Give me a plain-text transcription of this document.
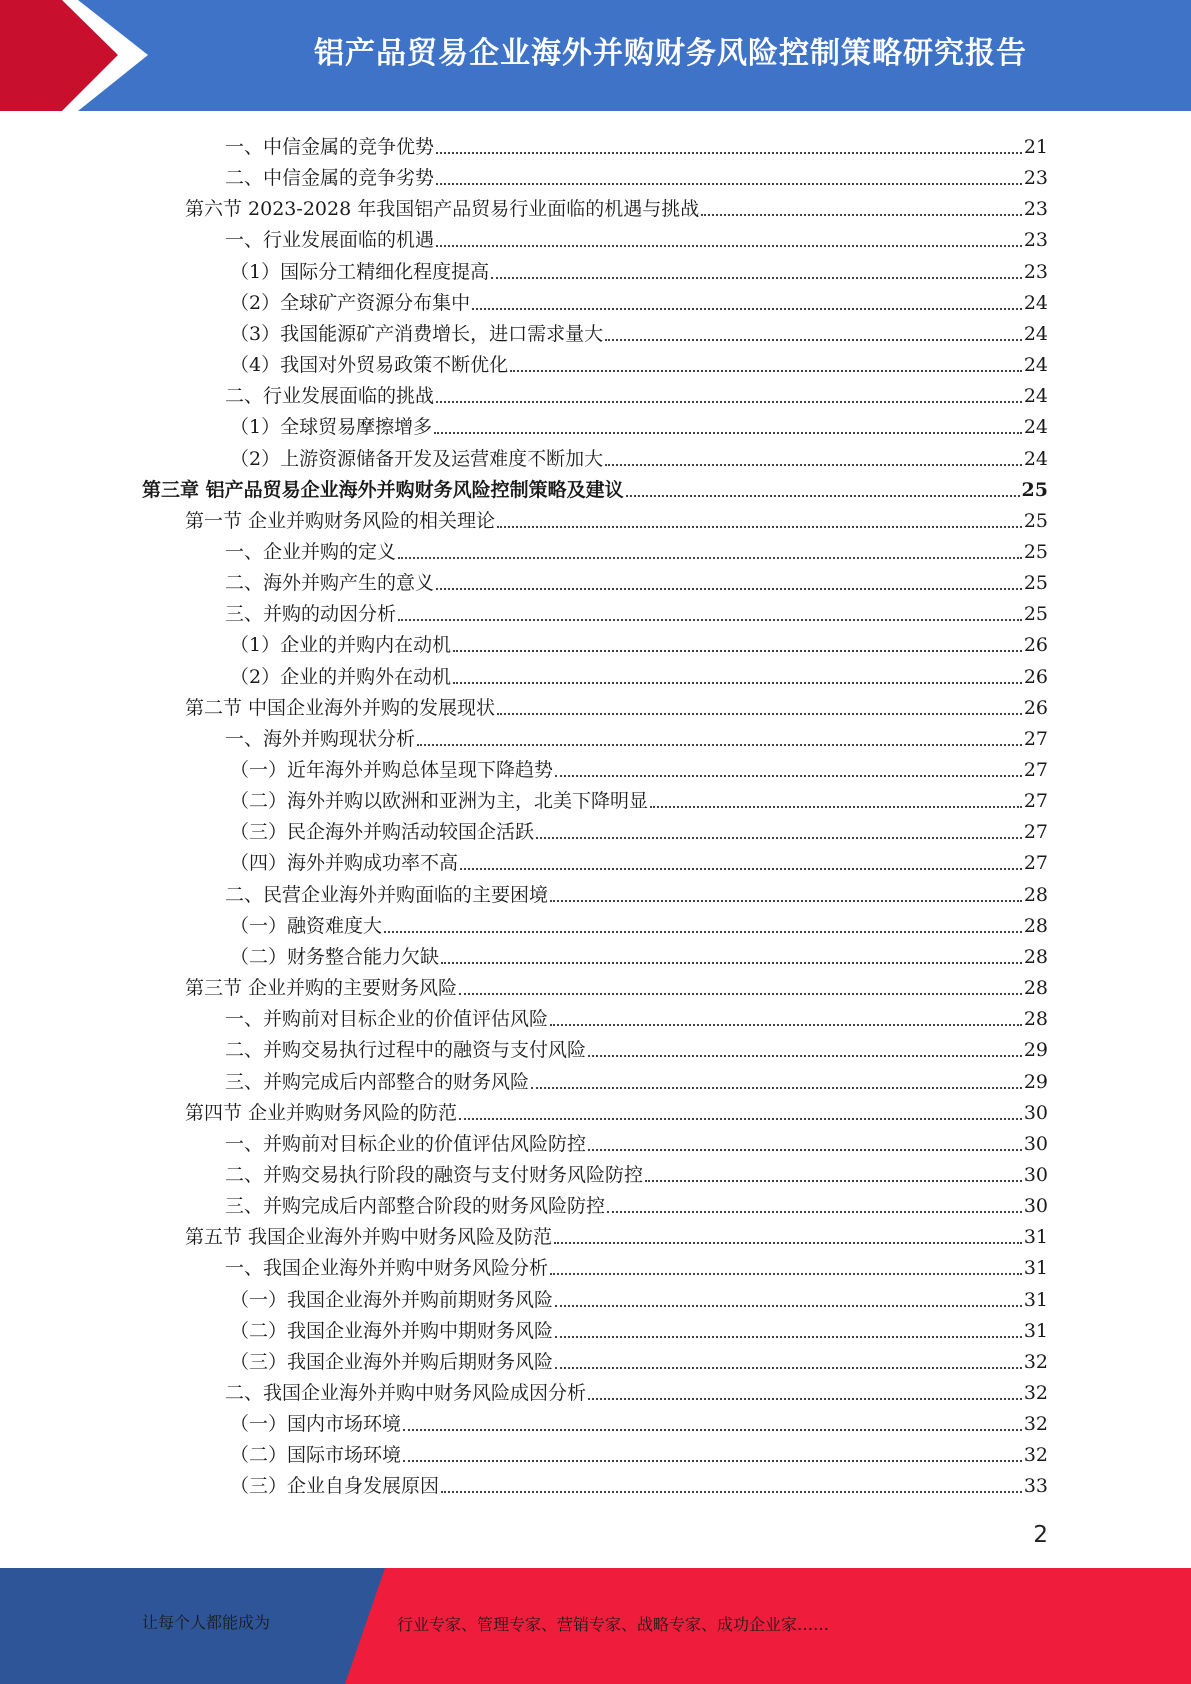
铝产品贸易企业海外并购财务风险控制策略研究报告
一、中信金属的竞争优势	21
二、中信金属的竞争劣势	23
第六节 2023-2028 年我国铝产品贸易行业面临的机遇与挑战	23
一、行业发展面临的机遇	23
（1）国际分工精细化程度提高	23
（2）全球矿产资源分布集中	24
（3）我国能源矿产消费增长，进口需求量大	24
（4）我国对外贸易政策不断优化	24
二、行业发展面临的挑战	24
（1）全球贸易摩擦增多	24
（2）上游资源储备开发及运营难度不断加大	24
第三章 铝产品贸易企业海外并购财务风险控制策略及建议	25
第一节 企业并购财务风险的相关理论	25
一、企业并购的定义	25
二、海外并购产生的意义	25
三、并购的动因分析	25
（1）企业的并购内在动机	26
（2）企业的并购外在动机	26
第二节 中国企业海外并购的发展现状	26
一、海外并购现状分析	27
（一）近年海外并购总体呈现下降趋势	27
（二）海外并购以欧洲和亚洲为主，北美下降明显	27
（三）民企海外并购活动较国企活跃	27
（四）海外并购成功率不高	27
二、民营企业海外并购面临的主要困境	28
（一）融资难度大	28
（二）财务整合能力欠缺	28
第三节 企业并购的主要财务风险	28
一、并购前对目标企业的价值评估风险	28
二、并购交易执行过程中的融资与支付风险	29
三、并购完成后内部整合的财务风险	29
第四节 企业并购财务风险的防范	30
一、并购前对目标企业的价值评估风险防控	30
二、并购交易执行阶段的融资与支付财务风险防控	30
三、并购完成后内部整合阶段的财务风险防控	30
第五节 我国企业海外并购中财务风险及防范	31
一、我国企业海外并购中财务风险分析	31
（一）我国企业海外并购前期财务风险	31
（二）我国企业海外并购中期财务风险	31
（三）我国企业海外并购后期财务风险	32
二、我国企业海外并购中财务风险成因分析	32
（一）国内市场环境	32
（二）国际市场环境	32
（三）企业自身发展原因	33
2
让每个人都能成为	行业专家、管理专家、营销专家、战略专家、成功企业家……
